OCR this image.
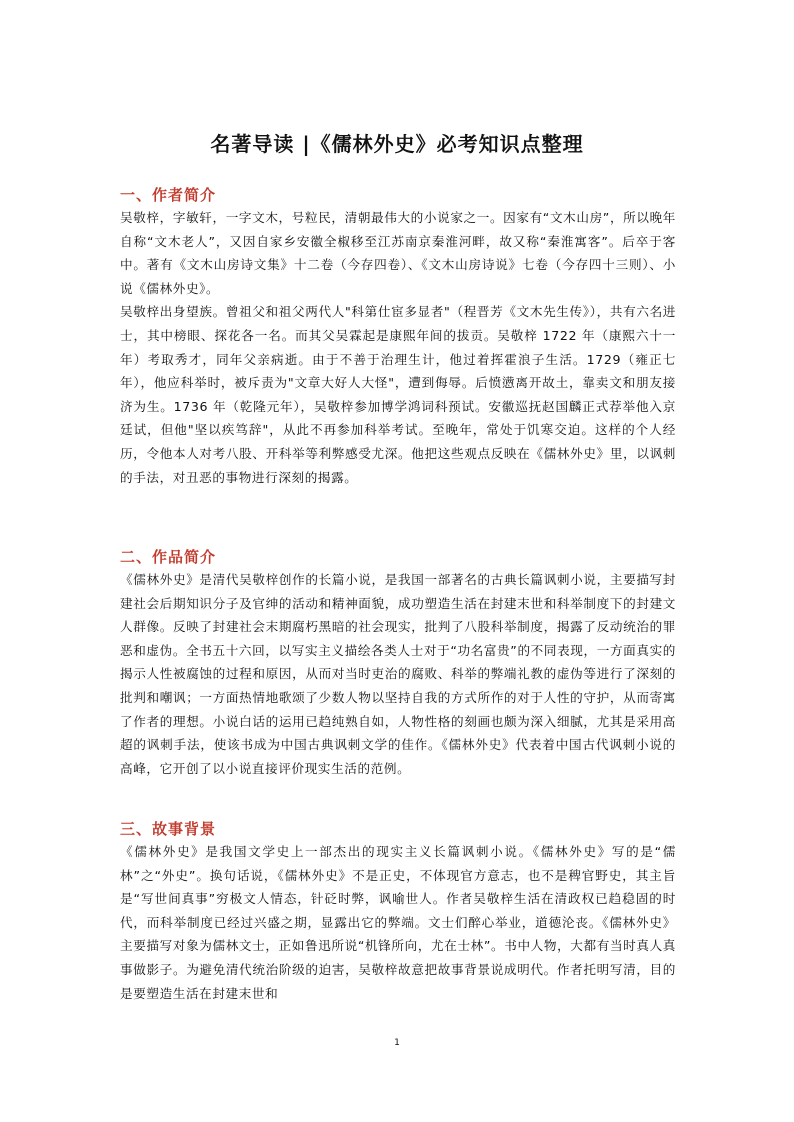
名著导读 |《儒林外史》必考知识点整理
一、作者简介

吴敬梓，字敏轩，一字文木，号粒民，清朝最伟大的小说家之一。因家有“文木山房”，所以晚年自称“文木老人”，又因自家乡安徽全椒移至江苏南京秦淮河畔，故又称“秦淮寓客”。后卒于客中。著有《文木山房诗文集》十二卷（今存四卷）、《文木山房诗说》七卷（今存四十三则）、小说《儒林外史》。

吴敬梓出身望族。曾祖父和祖父两代人"科第仕宦多显者"（程晋芳《文木先生传》），共有六名进士，其中榜眼、探花各一名。而其父吴霖起是康熙年间的拔贡。吴敬梓 1722 年（康熙六十一年）考取秀才，同年父亲病逝。由于不善于治理生计，他过着挥霍浪子生活。1729（雍正七年），他应科举时，被斥责为"文章大好人大怪"，遭到侮辱。后愤懑离开故土，靠卖文和朋友接济为生。1736 年（乾隆元年），吴敬梓参加博学鸿词科预试。安徽巡抚赵国麟正式荐举他入京廷试，但他"坚以疾笃辞"，从此不再参加科举考试。至晚年，常处于饥寒交迫。这样的个人经历，令他本人对考八股、开科举等利弊感受尤深。他把这些观点反映在《儒林外史》里，以讽刺的手法，对丑恶的事物进行深刻的揭露。

二、作品简介

《儒林外史》是清代吴敬梓创作的长篇小说，是我国一部著名的古典长篇讽刺小说，主要描写封建社会后期知识分子及官绅的活动和精神面貌，成功塑造生活在封建末世和科举制度下的封建文人群像。反映了封建社会末期腐朽黑暗的社会现实，批判了八股科举制度，揭露了反动统治的罪恶和虚伪。全书五十六回，以写实主义描绘各类人士对于“功名富贵”的不同表现，一方面真实的揭示人性被腐蚀的过程和原因，从而对当时吏治的腐败、科举的弊端礼教的虚伪等进行了深刻的批判和嘲讽；一方面热情地歌颂了少数人物以坚持自我的方式所作的对于人性的守护，从而寄寓了作者的理想。小说白话的运用已趋纯熟自如，人物性格的刻画也颇为深入细腻，尤其是采用高超的讽刺手法，使该书成为中国古典讽刺文学的佳作。《儒林外史》代表着中国古代讽刺小说的高峰，它开创了以小说直接评价现实生活的范例。

三、故事背景

《儒林外史》是我国文学史上一部杰出的现实主义长篇讽刺小说。《儒林外史》写的是“儒林”之“外史”。换句话说，《儒林外史》不是正史，不体现官方意志，也不是稗官野史，其主旨是“写世间真事”穷极文人情态，针砭时弊，讽喻世人。作者吴敬梓生活在清政权已趋稳固的时代，而科举制度已经过兴盛之期，显露出它的弊端。文士们醉心举业，道德沦丧。《儒林外史》主要描写对象为儒林文士，正如鲁迅所说“机锋所向，尤在士林”。书中人物，大都有当时真人真事做影子。为避免清代统治阶级的迫害，吴敬梓故意把故事背景说成明代。作者托明写清，目的是要塑造生活在封建末世和

1
